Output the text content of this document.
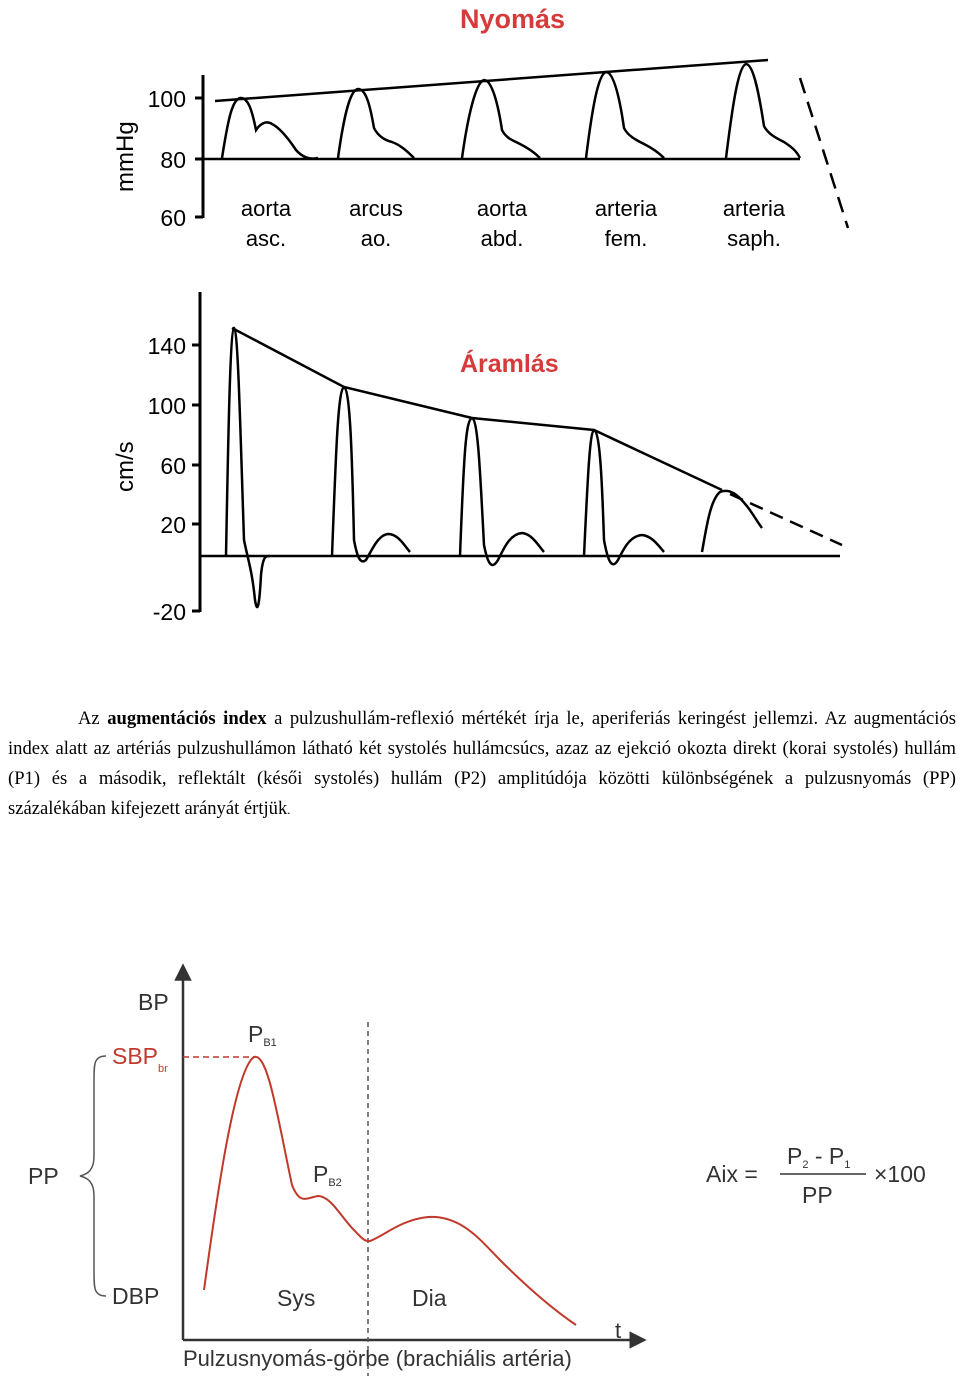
Nyomás
mmHg
100
80
60 aorta
asc.
arcus
ao.
aorta
abd.
arteria
fem.
arteria
saph.
Áramlás
cm/s
140
100
60
20
-20

Az augmentációs index a pulzushullám-reflexió mértékét írja le, aperiferiás keringést jellemzi. Az augmentációs index alatt az artériás pulzushullámon látható két systolés hullámcsúcs, azaz az ejekció okozta direkt (korai systolés) hullám (P1) és a második, reflektált (késői systolés) hullám (P2) amplitúdója közötti különbségének a pulzusnyomás (PP) százalékában kifejezett arányát értjük.

BP
$SBP_{br}$
PB1
PB2
PP
DBP	Sys	Dia
t
Pulzusnyomás-görbe (brachiális artéria)
Aix =
P2 - P1
PP
×100
